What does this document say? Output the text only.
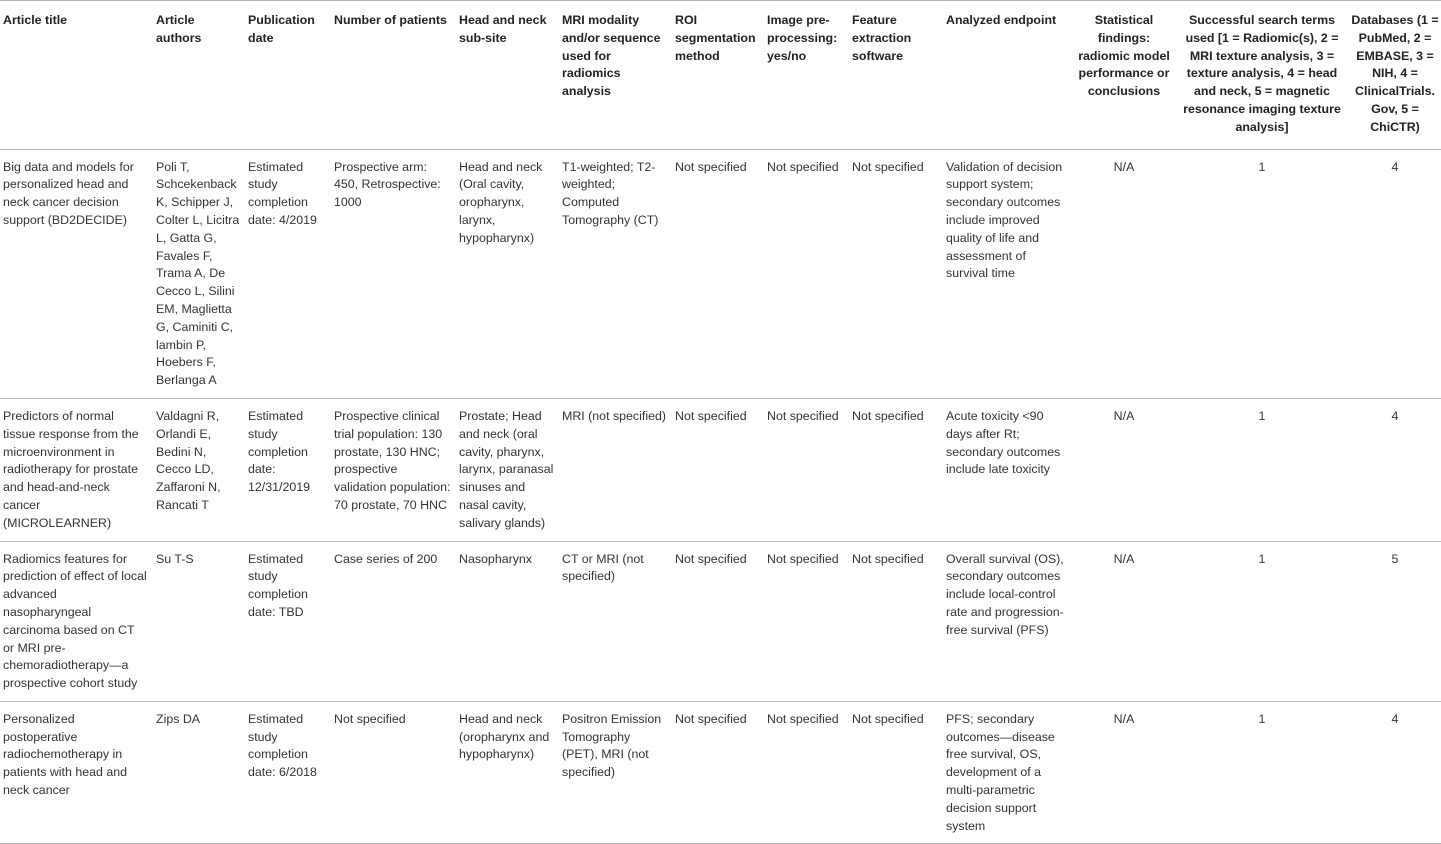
Article title	Article authors	Publication date	Number of patients	Head and neck sub-site	MRI modality and/or sequence used for radiomics analysis	ROI segmentation method	Image pre-processing: yes/no	Feature extraction software	Analyzed endpoint	Statistical findings: radiomic model performance or conclusions	Successful search terms used [1 = Radiomic(s), 2 = MRI texture analysis, 3 = texture analysis, 4 = head and neck, 5 = magnetic resonance imaging texture analysis]	Databases (1 = PubMed, 2 = EMBASE, 3 = NIH, 4 = ClinicalTrials. Gov, 5 = ChiCTR)
Big data and models for personalized head and neck cancer decision support (BD2DECIDE)	Poli T, Schcekenback K, Schipper J, Colter L, Licitra L, Gatta G, Favales F, Trama A, De Cecco L, Silini EM, Maglietta G, Caminiti C, lambin P, Hoebers F, Berlanga A	Estimated study completion date: 4/2019	Prospective arm: 450, Retrospective: 1000	Head and neck (Oral cavity, oropharynx, larynx, hypopharynx)	T1-weighted; T2-weighted; Computed Tomography (CT)	Not specified	Not specified	Not specified	Validation of decision support system; secondary outcomes include improved quality of life and assessment of survival time	N/A	1	4
Predictors of normal tissue response from the microenvironment in radiotherapy for prostate and head-and-neck cancer (MICROLEARNER)	Valdagni R, Orlandi E, Bedini N, Cecco LD, Zaffaroni N, Rancati T	Estimated study completion date: 12/31/2019	Prospective clinical trial population: 130 prostate, 130 HNC; prospective validation population: 70 prostate, 70 HNC	Prostate; Head and neck (oral cavity, pharynx, larynx, paranasal sinuses and nasal cavity, salivary glands)	MRI (not specified)	Not specified	Not specified	Not specified	Acute toxicity <90 days after Rt; secondary outcomes include late toxicity	N/A	1	4
Radiomics features for prediction of effect of local advanced nasopharyngeal carcinoma based on CT or MRI pre-chemoradiotherapy—a prospective cohort study	Su T-S	Estimated study completion date: TBD	Case series of 200	Nasopharynx	CT or MRI (not specified)	Not specified	Not specified	Not specified	Overall survival (OS), secondary outcomes include local-control rate and progression-free survival (PFS)	N/A	1	5
Personalized postoperative radiochemotherapy in patients with head and neck cancer	Zips DA	Estimated study completion date: 6/2018	Not specified	Head and neck (oropharynx and hypopharynx)	Positron Emission Tomography (PET), MRI (not specified)	Not specified	Not specified	Not specified	PFS; secondary outcomes—disease free survival, OS, development of a multi-parametric decision support system	N/A	1	4
